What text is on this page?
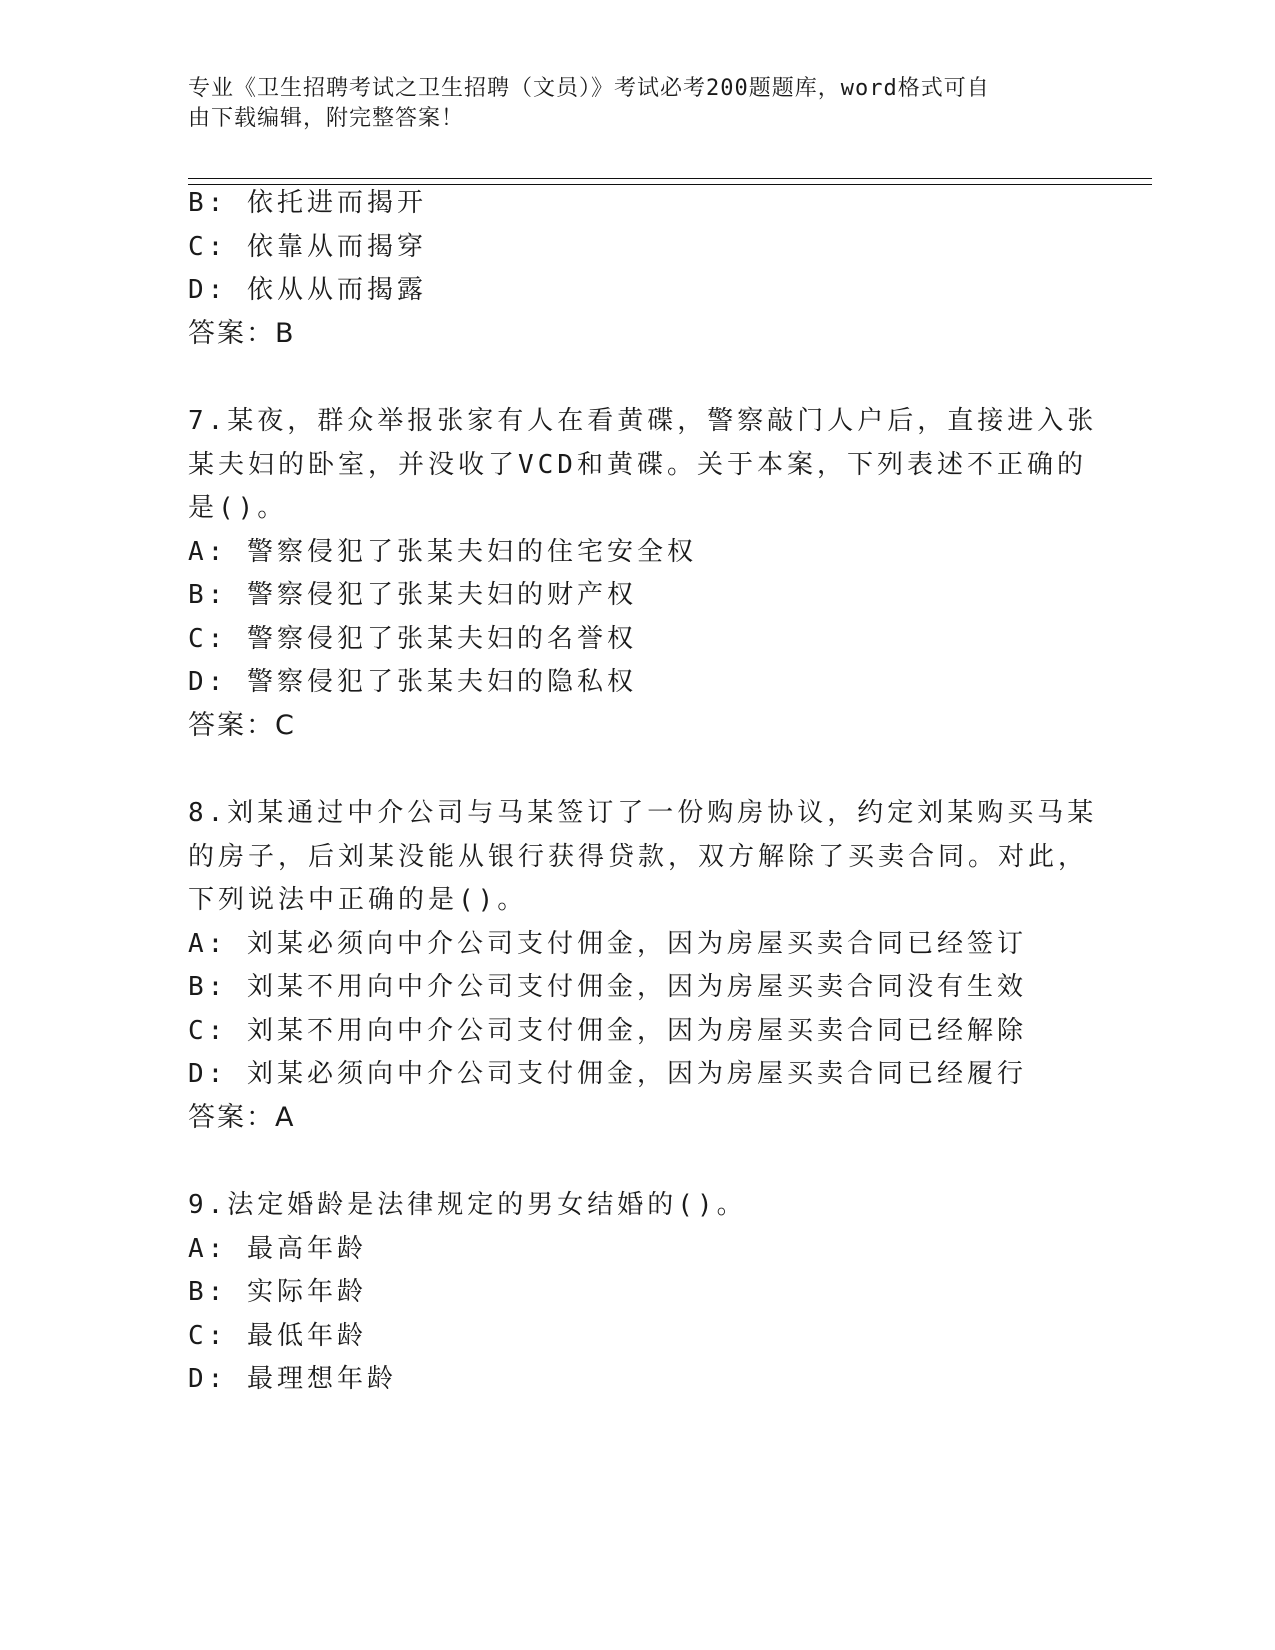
专业《卫生招聘考试之卫生招聘（文员）》考试必考200题题库，word格式可自
由下载编辑，附完整答案！
B: 依托进而揭开
C: 依靠从而揭穿
D: 依从从而揭露
答案：B
7.某夜，群众举报张家有人在看黄碟，警察敲门人户后，直接进入张
某夫妇的卧室，并没收了VCD和黄碟。关于本案，下列表述不正确的
是()。
A: 警察侵犯了张某夫妇的住宅安全权
B: 警察侵犯了张某夫妇的财产权
C: 警察侵犯了张某夫妇的名誉权
D: 警察侵犯了张某夫妇的隐私权
答案：C
8.刘某通过中介公司与马某签订了一份购房协议，约定刘某购买马某
的房子，后刘某没能从银行获得贷款，双方解除了买卖合同。对此，
下列说法中正确的是()。
A: 刘某必须向中介公司支付佣金，因为房屋买卖合同已经签订
B: 刘某不用向中介公司支付佣金，因为房屋买卖合同没有生效
C: 刘某不用向中介公司支付佣金，因为房屋买卖合同已经解除
D: 刘某必须向中介公司支付佣金，因为房屋买卖合同已经履行
答案：A
9.法定婚龄是法律规定的男女结婚的()。
A: 最高年龄
B: 实际年龄
C: 最低年龄
D: 最理想年龄
